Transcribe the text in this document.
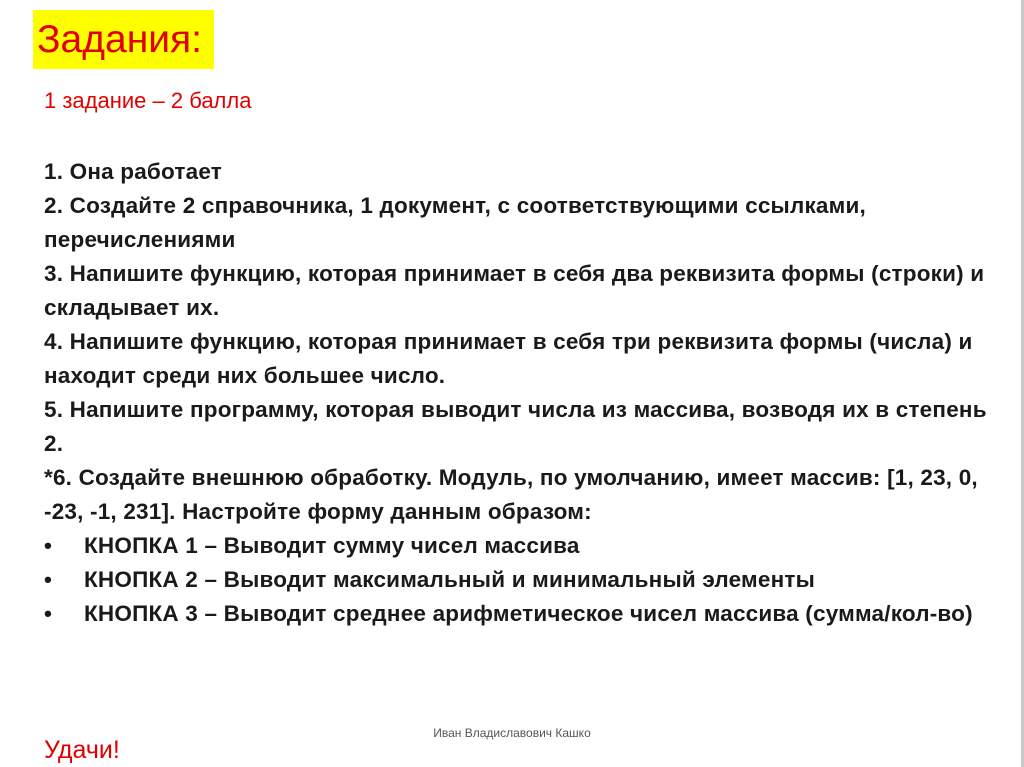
Задания:
1 задание – 2 балла

1. Она работает

2. Создайте 2 справочника, 1 документ, с соответствующими ссылками, перечислениями

3. Напишите функцию, которая принимает в себя два реквизита формы (строки) и складывает их.

4. Напишите функцию, которая принимает в себя три реквизита формы (числа) и находит среди них большее число.

5. Напишите программу, которая выводит числа из массива, возводя их в степень 2.

*6. Создайте внешнюю обработку. Модуль, по умолчанию, имеет массив: [1, 23, 0, -23, -1, 231]. Настройте форму данным образом:

• КНОПКА 1 – Выводит сумму чисел массива
• КНОПКА 2 – Выводит максимальный и минимальный элементы
• КНОПКА 3 – Выводит среднее арифметическое чисел массива (сумма/кол-во)
Иван Владиславович Кашко
Удачи!
